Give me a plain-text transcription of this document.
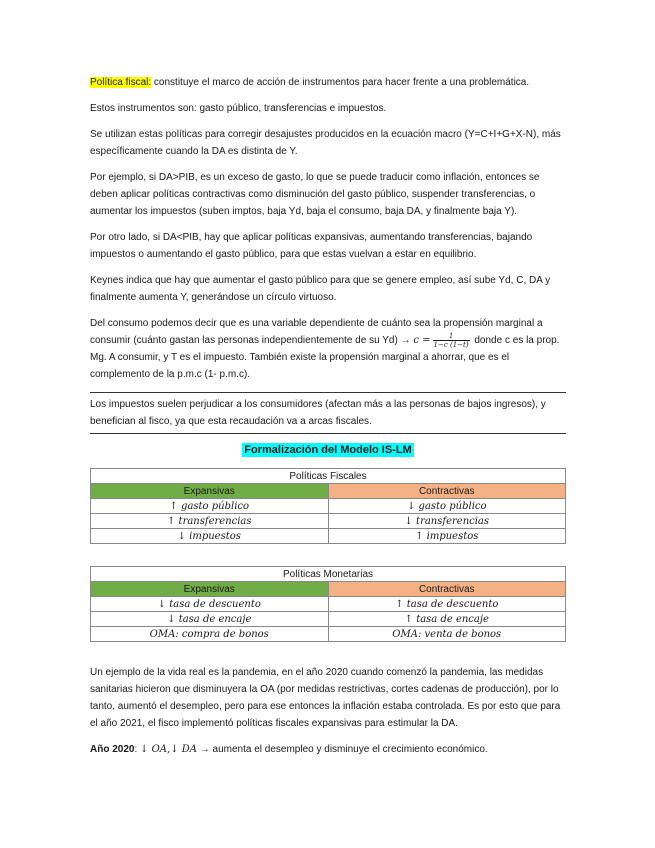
Política fiscal: constituye el marco de acción de instrumentos para hacer frente a una problemática.

Estos instrumentos son: gasto público, transferencias e impuestos.

Se utilizan estas políticas para corregir desajustes producidos en la ecuación macro (Y=C+I+G+X-N), más específicamente cuando la DA es distinta de Y.

Por ejemplo, si DA>PIB, es un exceso de gasto, lo que se puede traducir como inflación, entonces se deben aplicar políticas contractivas como disminución del gasto público, suspender transferencias, o aumentar los impuestos (suben imptos, baja Yd, baja el consumo, baja DA, y finalmente baja Y).

Por otro lado, si DA<PIB, hay que aplicar políticas expansivas, aumentando transferencias, bajando impuestos o aumentando el gasto público, para que estas vuelvan a estar en equilibrio.

Keynes indica que hay que aumentar el gasto público para que se genere empleo, así sube Yd, C, DA y finalmente aumenta Y, generándose un círculo virtuoso.

Del consumo podemos decir que es una variable dependiente de cuánto sea la propensión marginal a consumir (cuánto gastan las personas independientemente de su $Yd) \to c = \frac{1}{1-c (1-t)}$ donde c es la prop. Mg. A consumir, y T es el impuesto. También existe la propensión marginal a ahorrar, que es el complemento de la p.m.c (1- p.m.c).

Los impuestos suelen perjudicar a los consumidores (afectan más a las personas de bajos ingresos), y benefician al fisco, ya que esta recaudación va a arcas fiscales.

Formalización del Modelo IS-LM
Políticas Fiscales	
Expansivas	Contractivas
↑ gasto público	↓ gasto público
↑ transferencias	↓ transferencias
↓ impuestos	↑ impuestos
Políticas Monetarias	
Expansivas	Contractivas
↓ tasa de descuento	↑ tasa de descuento
↓ tasa de encaje	↑ tasa de encaje
OMA: compra de bonos	OMA: venta de bonos

Un ejemplo de la vida real es la pandemia, en el año 2020 cuando comenzó la pandemia, las medidas sanitarias hicieron que disminuyera la OA (por medidas restrictivas, cortes cadenas de producción), por lo tanto, aumentó el desempleo, pero para ese entonces la inflación estaba controlada. Es por esto que para el año 2021, el fisco implementó políticas fiscales expansivas para estimular la DA.

Año 2020: ↓ OA,↓ DA → aumenta el desempleo y disminuye el crecimiento económico.
